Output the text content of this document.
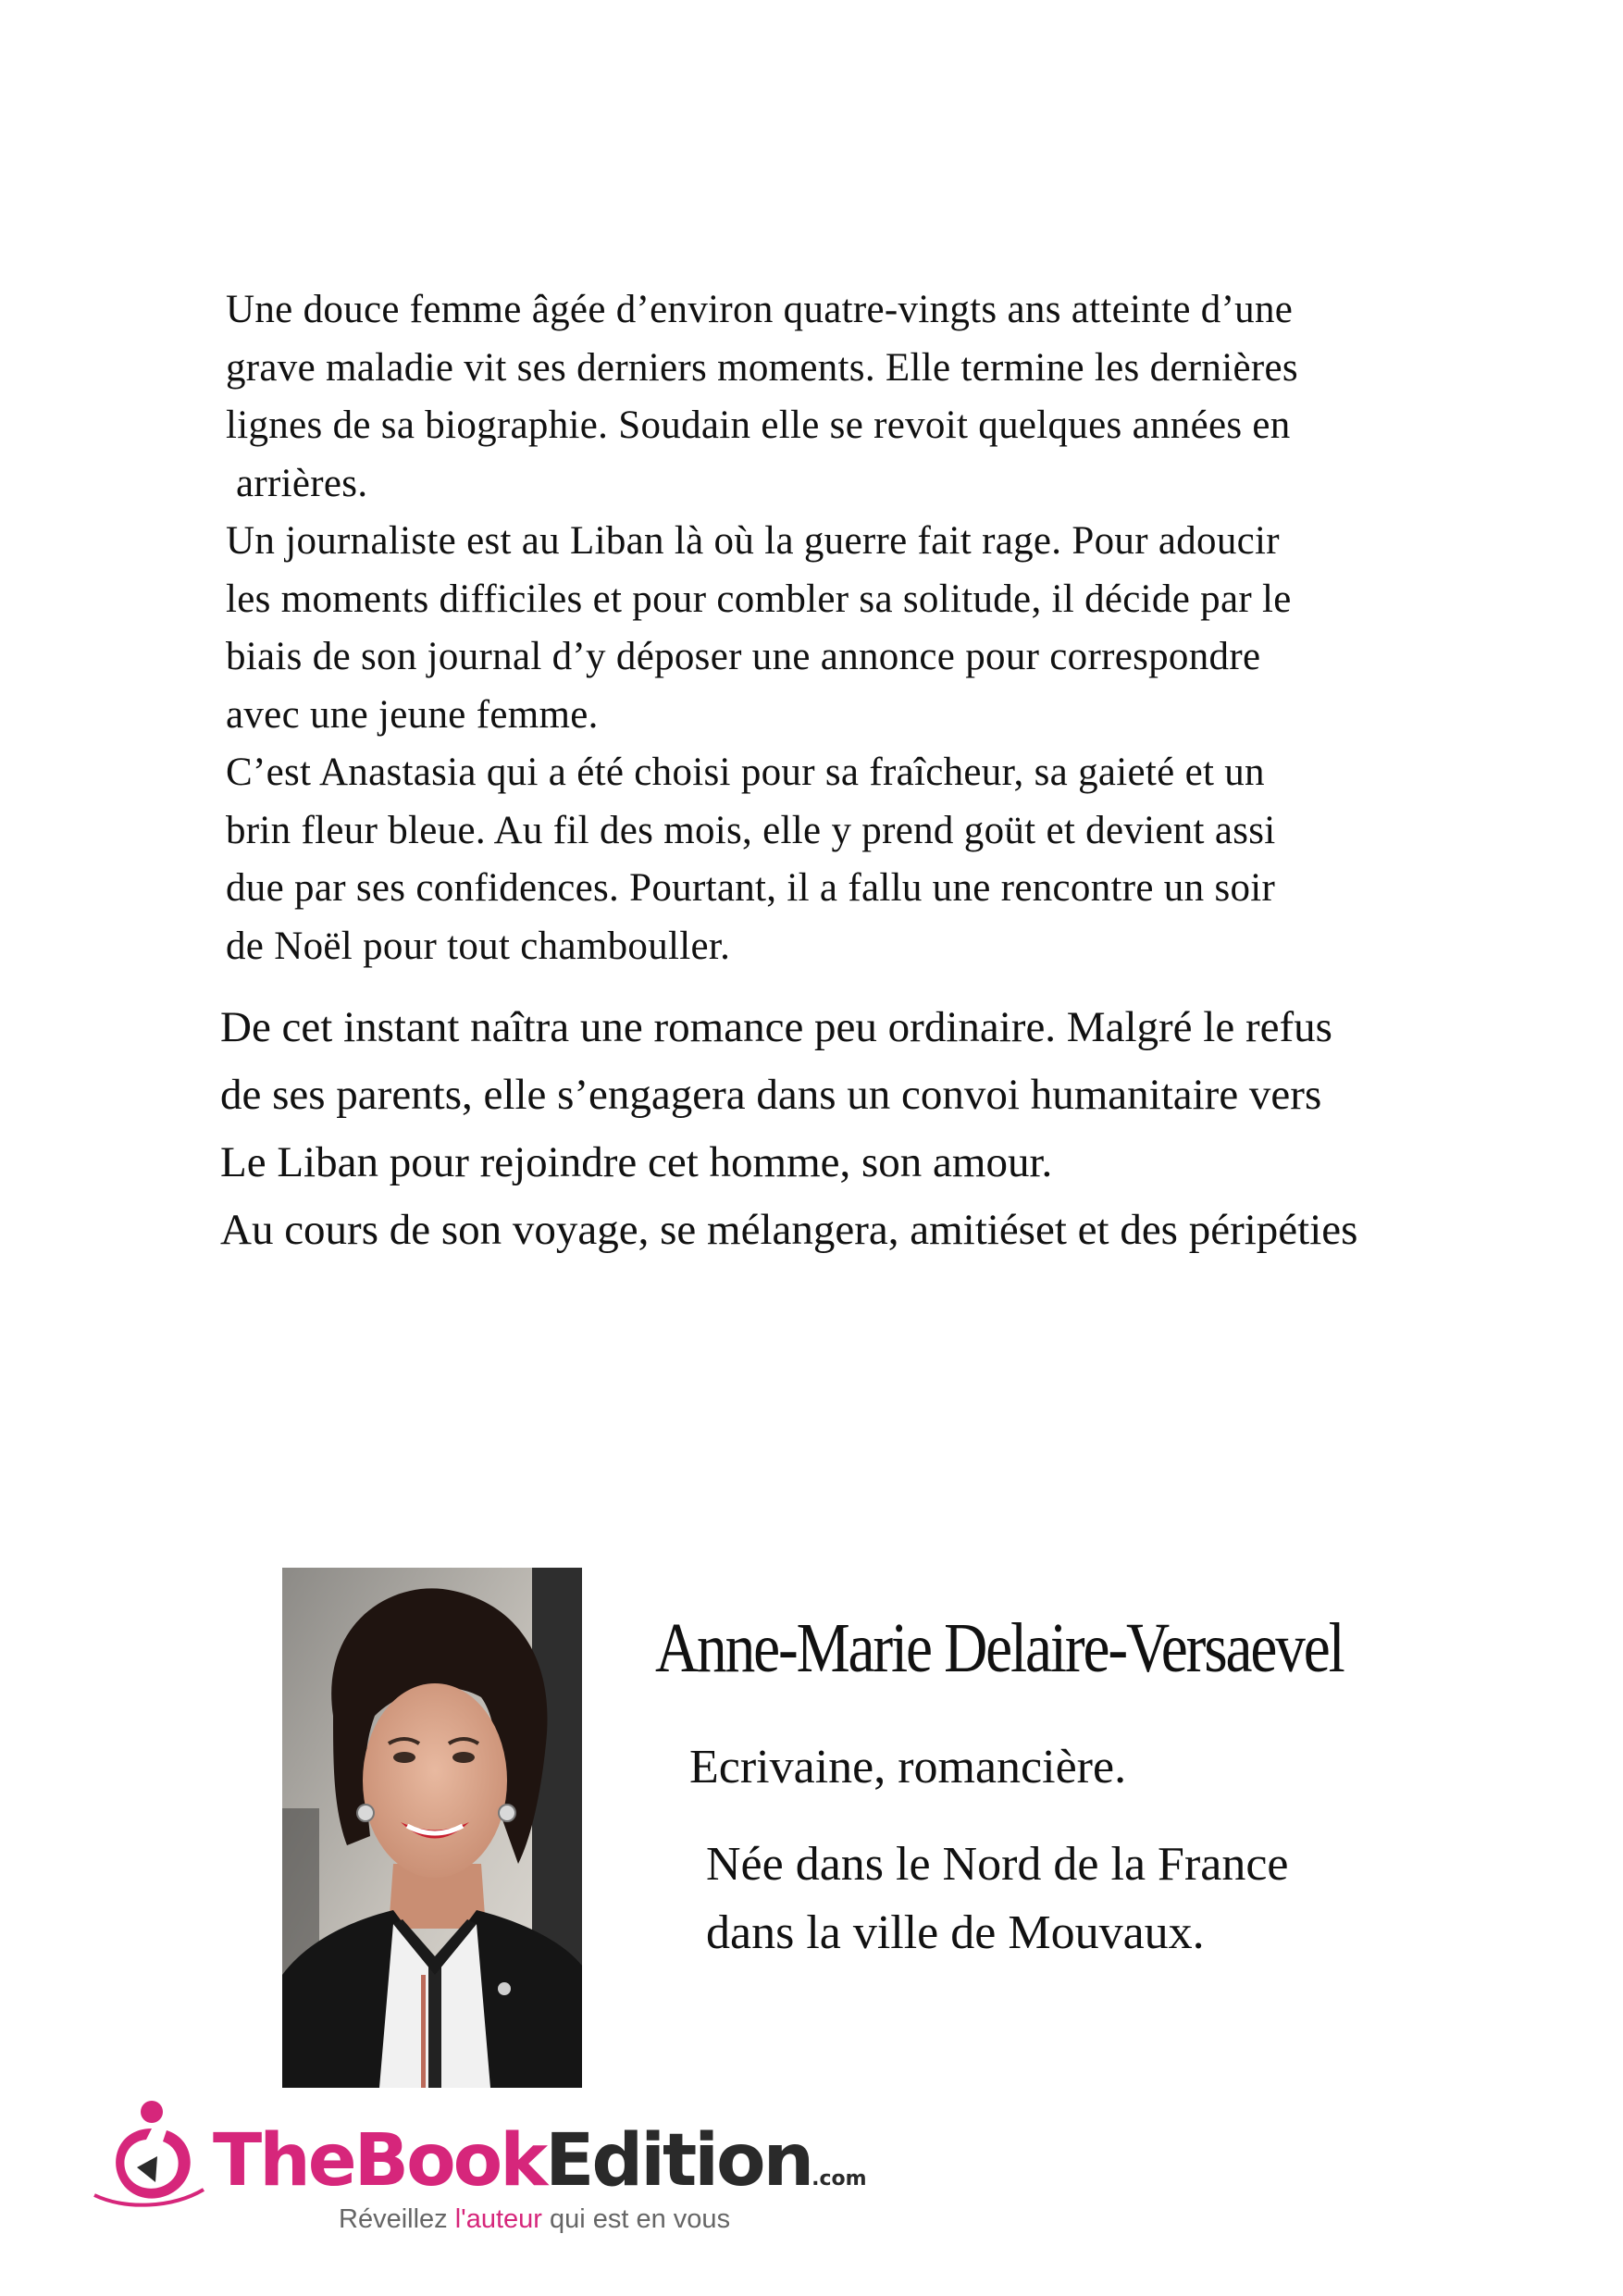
Une douce femme âgée d’environ quatre-vingts ans atteinte d’une
grave maladie vit ses derniers moments. Elle termine les dernières
lignes de sa biographie. Soudain elle se revoit quelques années en
arrières.
Un journaliste est au Liban là où la guerre fait rage. Pour adoucir
les moments difficiles et pour combler sa solitude, il décide par le
biais de son journal d’y déposer une annonce pour correspondre
avec une jeune femme.
C’est Anastasia qui a été choisi pour sa fraîcheur, sa gaieté et un
brin fleur bleue. Au fil des mois, elle y prend goüt et devient assi
due par ses confidences. Pourtant, il a fallu une rencontre un soir
de Noël pour tout chambouller.
De cet instant naîtra une romance peu ordinaire. Malgré le refus
de ses parents, elle s’engagera dans un convoi humanitaire vers
Le Liban pour rejoindre cet homme, son amour.
Au cours de son voyage, se mélangera, amitiéset et des péripéties
Anne-Marie Delaire-Versaevel
Ecrivaine, romancière.
Née dans le Nord de la France
dans la ville de Mouvaux.
TheBookEdition.com
Réveillez l'auteur qui est en vous
